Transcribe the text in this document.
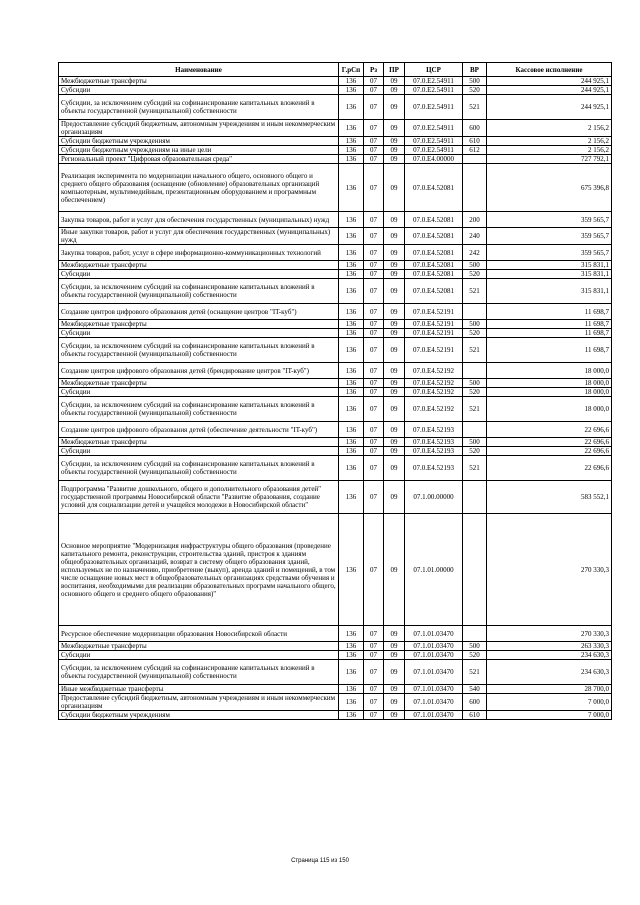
Наименование	Г.рСп	Рз	ПР	ЦСР	ВР	Кассовое исполнение
Межбюджетные трансферты	136	07	09	07.0.E2.54911	500	244 925,1
Субсидии	136	07	09	07.0.E2.54911	520	244 925,1
Субсидии, за исключением субсидий на софинансирование капитальных вложений в объекты государственной (муниципальной) собственности	136	07	09	07.0.E2.54911	521	244 925,1
Предоставление субсидий бюджетным, автономным учреждениям и иным некоммерческим организациям	136	07	09	07.0.E2.54911	600	2 156,2
Субсидии бюджетным учреждениям	136	07	09	07.0.E2.54911	610	2 156,2
Субсидии бюджетным учреждениям на иные цели	136	07	09	07.0.E2.54911	612	2 156,2
Региональный проект "Цифровая образовательная среда"	136	07	09	07.0.E4.00000		727 792,1
Реализация эксперимента по модернизации начального общего, основного общего и среднего общего образования (оснащение (обновление) образовательных организаций компьютерным, мультимедийным, презентационным оборудованием и программным обеспечением)	136	07	09	07.0.E4.52081		675 396,8
Закупка товаров, работ и услуг для обеспечения государственных (муниципальных) нужд	136	07	09	07.0.E4.52081	200	359 565,7
Иные закупки товаров, работ и услуг для обеспечения государственных (муниципальных) нужд	136	07	09	07.0.E4.52081	240	359 565,7
Закупка товаров, работ, услуг в сфере информационно-коммуникационных технологий	136	07	09	07.0.E4.52081	242	359 565,7
Межбюджетные трансферты	136	07	09	07.0.E4.52081	500	315 831,1
Субсидии	136	07	09	07.0.E4.52081	520	315 831,1
Субсидии, за исключением субсидий на софинансирование капитальных вложений в объекты государственной (муниципальной) собственности	136	07	09	07.0.E4.52081	521	315 831,1
Создание центров цифрового образования детей (оснащение центров "IT-куб")	136	07	09	07.0.E4.52191		11 698,7
Межбюджетные трансферты	136	07	09	07.0.E4.52191	500	11 698,7
Субсидии	136	07	09	07.0.E4.52191	520	11 698,7
Субсидии, за исключением субсидий на софинансирование капитальных вложений в объекты государственной (муниципальной) собственности	136	07	09	07.0.E4.52191	521	11 698,7
Создание центров цифрового образования детей (брендирование центров "IT-куб")	136	07	09	07.0.E4.52192		18 000,0
Межбюджетные трансферты	136	07	09	07.0.E4.52192	500	18 000,0
Субсидии	136	07	09	07.0.E4.52192	520	18 000,0
Субсидии, за исключением субсидий на софинансирование капитальных вложений в объекты государственной (муниципальной) собственности	136	07	09	07.0.E4.52192	521	18 000,0
Создание центров цифрового образования детей (обеспечение деятельности "IT-куб")	136	07	09	07.0.E4.52193		22 696,6
Межбюджетные трансферты	136	07	09	07.0.E4.52193	500	22 696,6
Субсидии	136	07	09	07.0.E4.52193	520	22 696,6
Субсидии, за исключением субсидий на софинансирование капитальных вложений в объекты государственной (муниципальной) собственности	136	07	09	07.0.E4.52193	521	22 696,6
Подпрограмма "Развитие дошкольного, общего и дополнительного образования детей" государственной программы Новосибирской области "Развитие образования, создание условий для социализации детей и учащейся молодежи в Новосибирской области"	136	07	09	07.1.00.00000		583 552,1
Основное мероприятие "Модернизация инфраструктуры общего образования (проведение капитального ремонта, реконструкции, строительства зданий, пристроя к зданиям общеобразовательных организаций, возврат в систему общего образования зданий, используемых не по назначению, приобретение (выкуп), аренда зданий и помещений, в том числе оснащение новых мест в общеобразовательных организациях средствами обучения и воспитания, необходимыми для реализации образовательных программ начального общего, основного общего и среднего общего образования)"	136	07	09	07.1.01.00000		270 330,3
Ресурсное обеспечение модернизации образования Новосибирской области	136	07	09	07.1.01.03470		270 330,3
Межбюджетные трансферты	136	07	09	07.1.01.03470	500	263 330,3
Субсидии	136	07	09	07.1.01.03470	520	234 630,3
Субсидии, за исключением субсидий на софинансирование капитальных вложений в объекты государственной (муниципальной) собственности	136	07	09	07.1.01.03470	521	234 630,3
Иные межбюджетные трансферты	136	07	09	07.1.01.03470	540	28 700,0
Предоставление субсидий бюджетным, автономным учреждениям и иным некоммерческим организациям	136	07	09	07.1.01.03470	600	7 000,0
Субсидии бюджетным учреждениям	136	07	09	07.1.01.03470	610	7 000,0
Страница 115 из 150
